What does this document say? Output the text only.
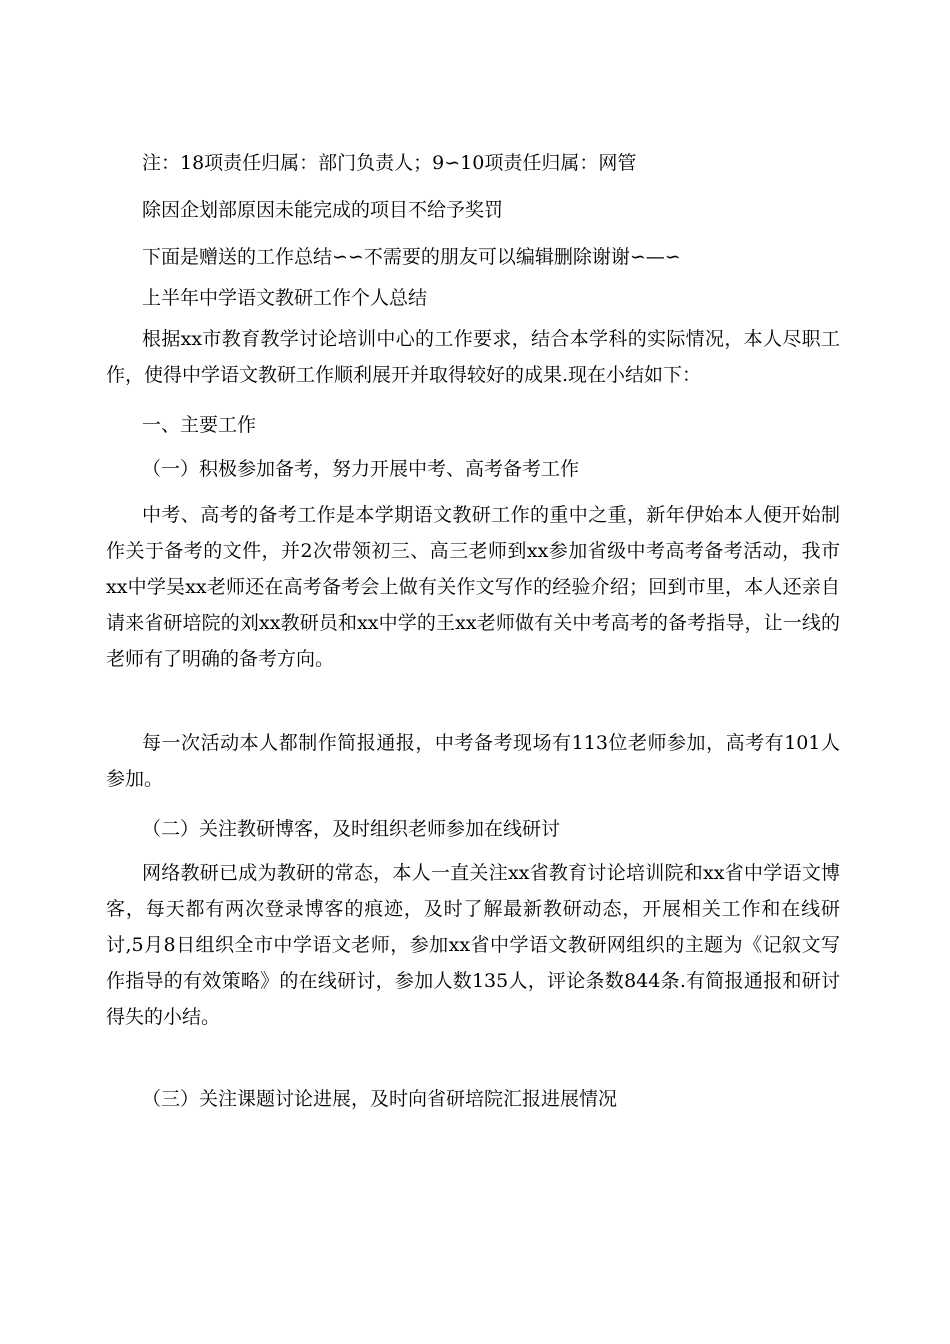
注：18项责任归属：部门负责人；9∽10项责任归属：网管
除因企划部原因未能完成的项目不给予奖罚
下面是赠送的工作总结∽∽不需要的朋友可以编辑删除谢谢∽—∽
上半年中学语文教研工作个人总结
根据xx市教育教学讨论培训中心的工作要求，结合本学科的实际情况，本人尽职工作，使得中学语文教研工作顺利展开并取得较好的成果.现在小结如下：
一、主要工作
（一）积极参加备考，努力开展中考、高考备考工作
中考、高考的备考工作是本学期语文教研工作的重中之重，新年伊始本人便开始制作关于备考的文件，并2次带领初三、高三老师到xx参加省级中考高考备考活动，我市xx中学吴xx老师还在高考备考会上做有关作文写作的经验介绍；回到市里，本人还亲自请来省研培院的刘xx教研员和xx中学的王xx老师做有关中考高考的备考指导，让一线的老师有了明确的备考方向。
每一次活动本人都制作简报通报，中考备考现场有113位老师参加，高考有101人参加。
（二）关注教研博客，及时组织老师参加在线研讨
网络教研已成为教研的常态，本人一直关注xx省教育讨论培训院和xx省中学语文博客，每天都有两次登录博客的痕迹，及时了解最新教研动态，开展相关工作和在线研讨,5月8日组织全市中学语文老师，参加xx省中学语文教研网组织的主题为《记叙文写作指导的有效策略》的在线研讨，参加人数135人，评论条数844条.有简报通报和研讨得失的小结。
（三）关注课题讨论进展，及时向省研培院汇报进展情况
